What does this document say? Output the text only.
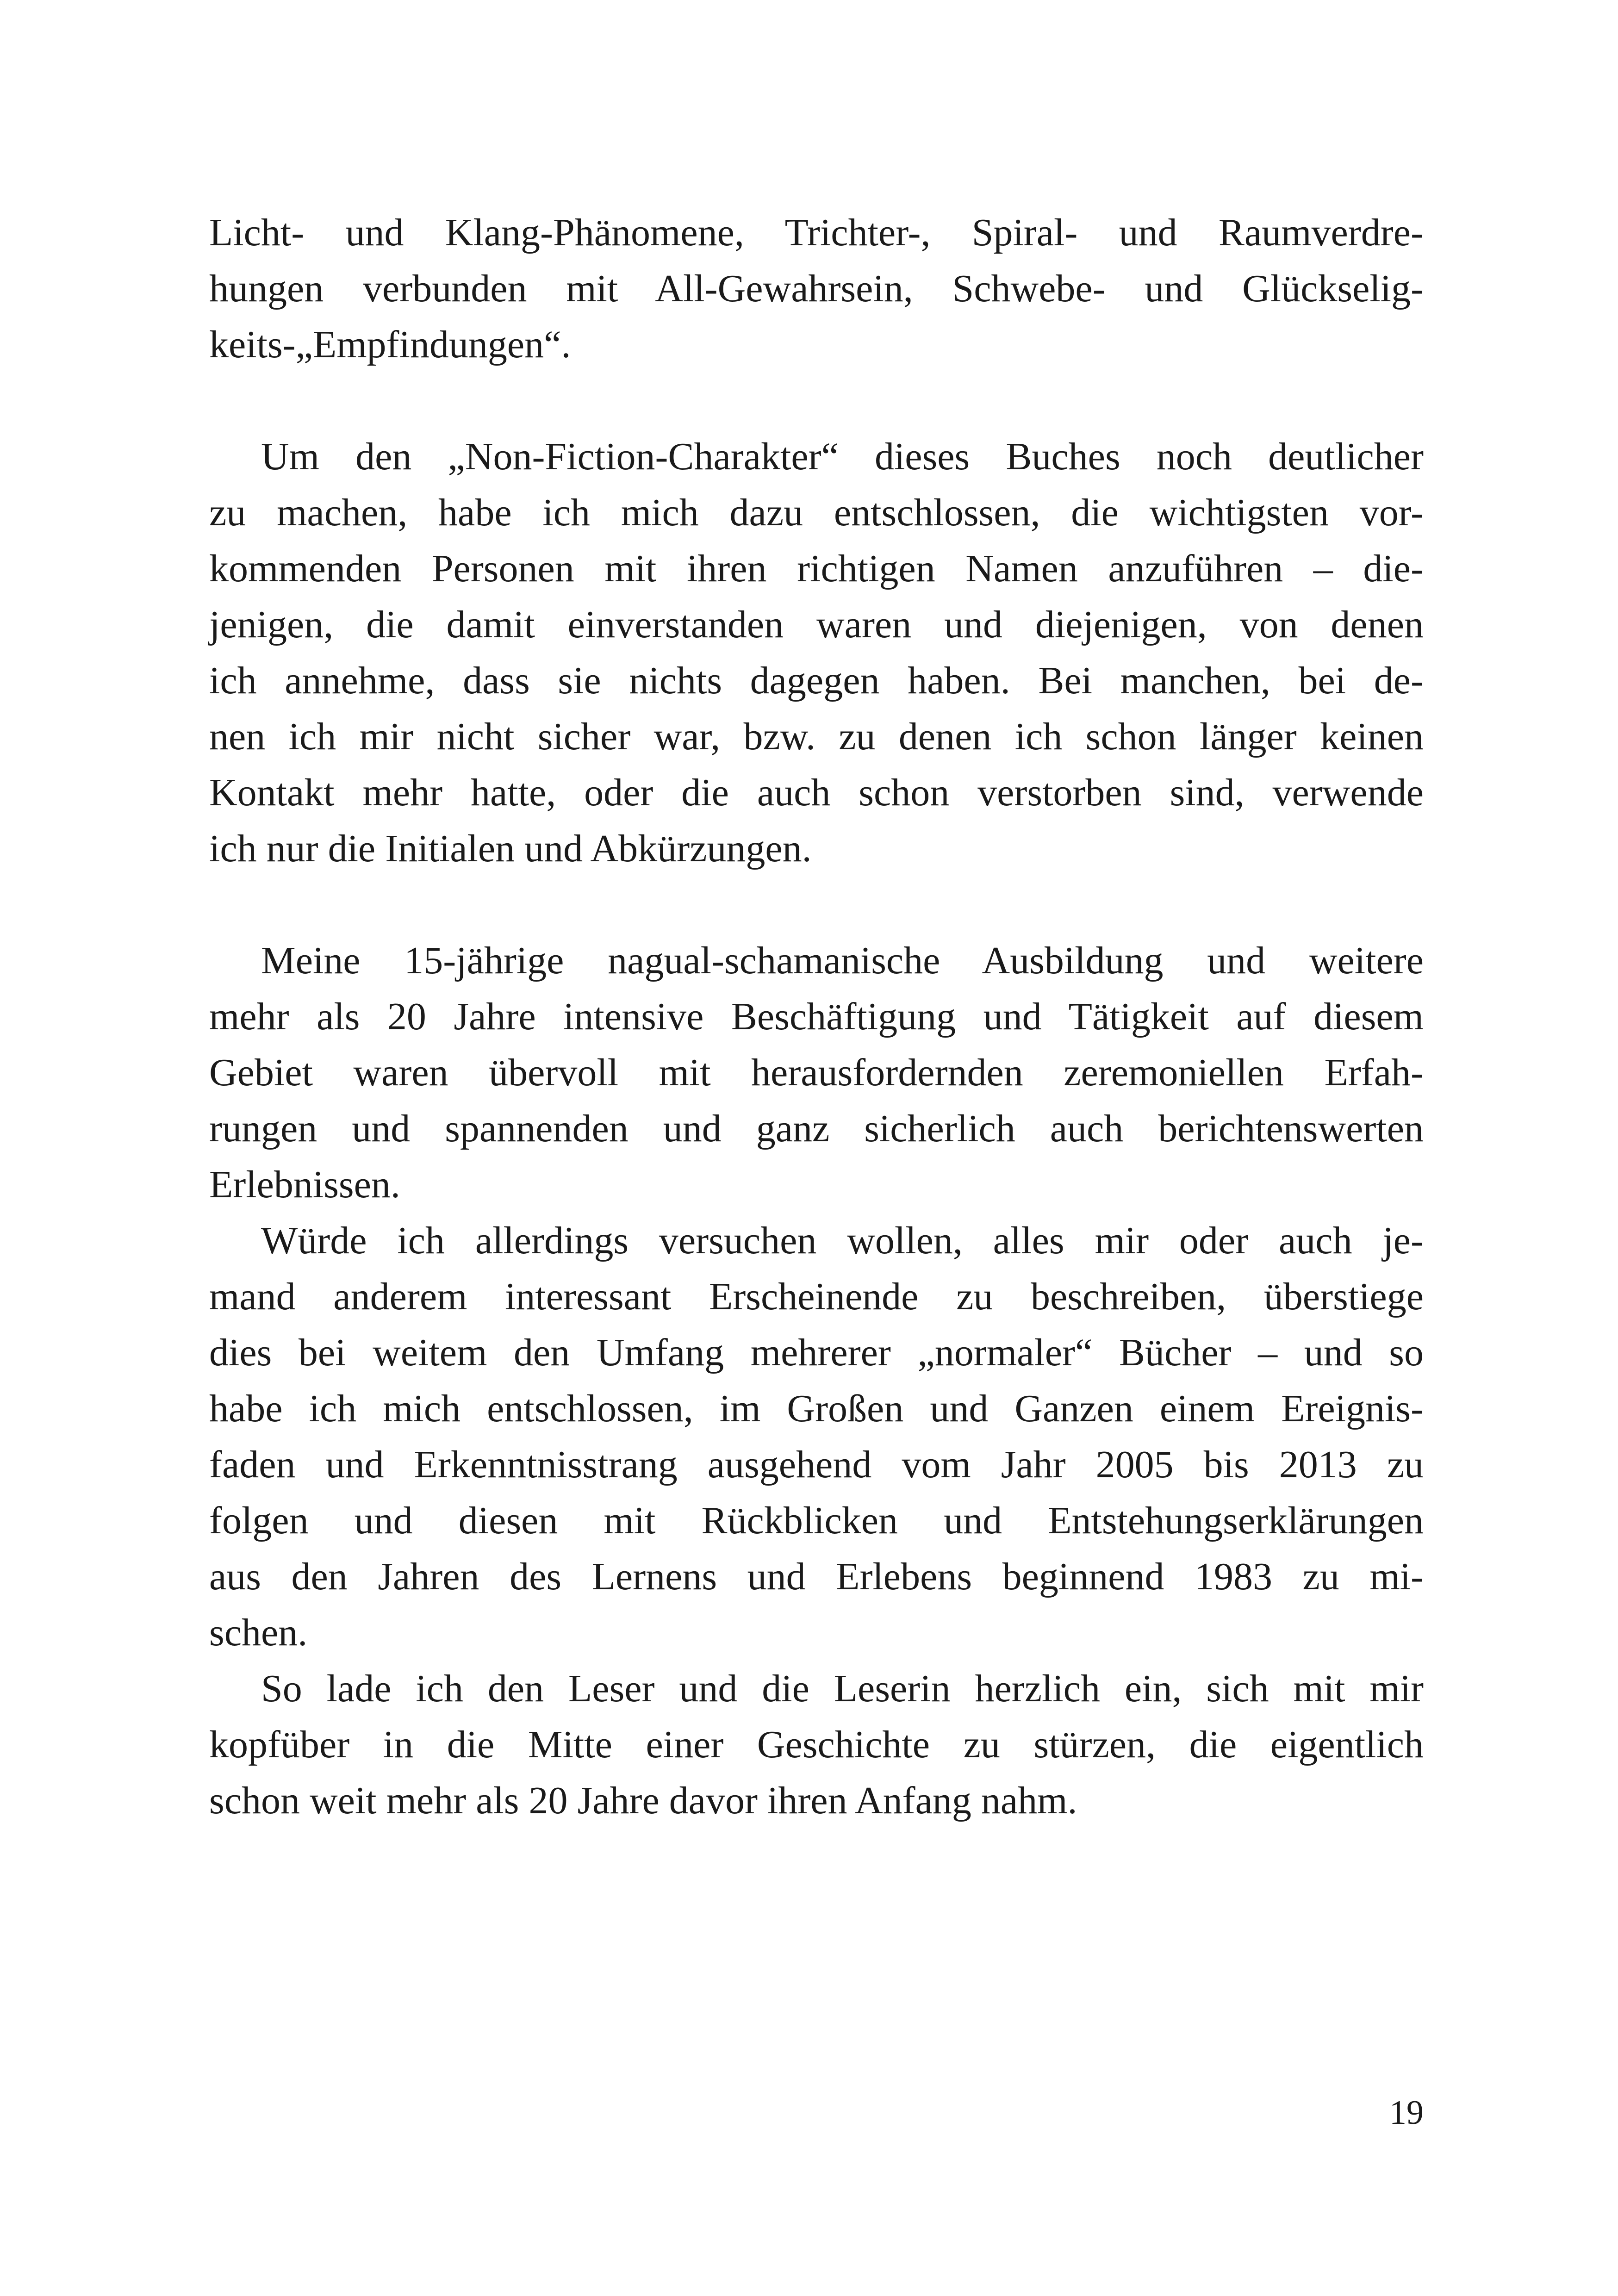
Licht- und Klang-Phänomene, Trichter-, Spiral- und Raumverdre-
hungen verbunden mit All-Gewahrsein, Schwebe- und Glückselig-
keits-„Empfindungen“.
Um den „Non-Fiction-Charakter“ dieses Buches noch deutlicher
zu machen, habe ich mich dazu entschlossen, die wichtigsten vor-
kommenden Personen mit ihren richtigen Namen anzuführen – die-
jenigen, die damit einverstanden waren und diejenigen, von denen
ich annehme, dass sie nichts dagegen haben. Bei manchen, bei de-
nen ich mir nicht sicher war, bzw. zu denen ich schon länger keinen
Kontakt mehr hatte, oder die auch schon verstorben sind, verwende
ich nur die Initialen und Abkürzungen.
Meine 15-jährige nagual-schamanische Ausbildung und weitere
mehr als 20 Jahre intensive Beschäftigung und Tätigkeit auf diesem
Gebiet waren übervoll mit herausfordernden zeremoniellen Erfah-
rungen und spannenden und ganz sicherlich auch berichtenswerten
Erlebnissen.
Würde ich allerdings versuchen wollen, alles mir oder auch je-
mand anderem interessant Erscheinende zu beschreiben, überstiege
dies bei weitem den Umfang mehrerer „normaler“ Bücher – und so
habe ich mich entschlossen, im Großen und Ganzen einem Ereignis-
faden und Erkenntnisstrang ausgehend vom Jahr 2005 bis 2013 zu
folgen und diesen mit Rückblicken und Entstehungserklärungen
aus den Jahren des Lernens und Erlebens beginnend 1983 zu mi-
schen.
So lade ich den Leser und die Leserin herzlich ein, sich mit mir
kopfüber in die Mitte einer Geschichte zu stürzen, die eigentlich
schon weit mehr als 20 Jahre davor ihren Anfang nahm.
19
